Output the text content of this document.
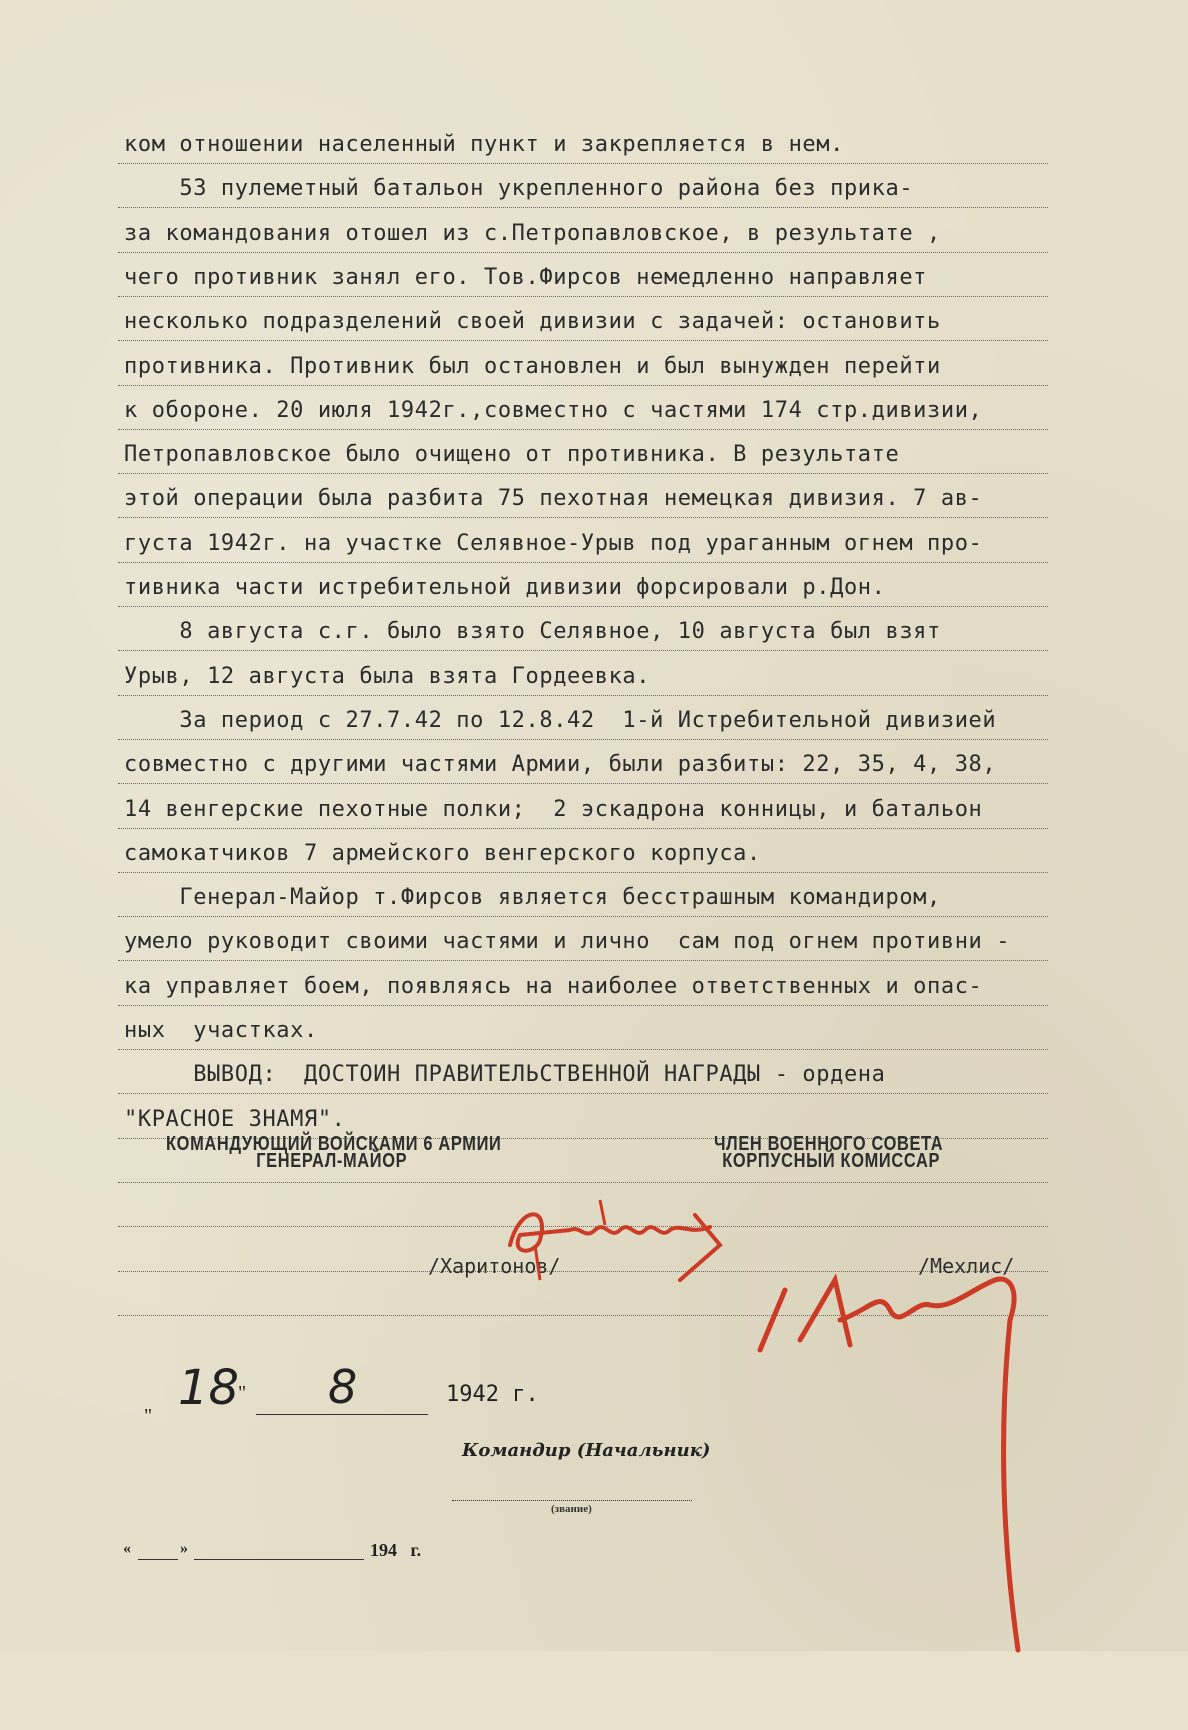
ком отношении населенный пункт и закрепляется в нем.
53 пулеметный батальон укрепленного района без прика-
за командования отошел из с.Петропавловское, в результате ,
чего противник занял его. Тов.Фирсов немедленно направляет
несколько подразделений своей дивизии с задачей: остановить
противника. Противник был остановлен и был вынужден перейти
к обороне. 20 июля 1942г.,совместно с частями 174 стр.дивизии,
Петропавловское было очищено от противника. В результате
этой операции была разбита 75 пехотная немецкая дивизия. 7 ав-
густа 1942г. на участке Селявное-Урыв под ураганным огнем про-
тивника части истребительной дивизии форсировали р.Дон.
8 августа с.г. было взято Селявное, 10 августа был взят
Урыв, 12 августа была взята Гордеевка.
За период с 27.7.42 по 12.8.42  1-й Истребительной дивизией
совместно с другими частями Армии, были разбиты: 22, 35, 4, 38,
14 венгерские пехотные полки;  2 эскадрона конницы, и батальон
самокатчиков 7 армейского венгерского корпуса.
Генерал-Майор т.Фирсов является бесстрашным командиром,
умело руководит своими частями и лично  сам под огнем противни -
ка управляет боем, появляясь на наиболее ответственных и опас-
ных  участках.
ВЫВОД:  ДОСТОИН ПРАВИТЕЛЬСТВЕННОЙ НАГРАДЫ - ордена
"КРАСНОЕ ЗНАМЯ".
КОМАНДУЮЩИЙ ВОЙСКАМИ 6 АРМИИ
ГЕНЕРАЛ-МАЙОР
ЧЛЕН ВОЕННОГО СОВЕТА
КОРПУСНЫЙ КОМИССАР
/Харитонов/	/Мехлис/

"
18
" 8	1942 г.
Командир (Начальник)
(звание)
«	»	194   г.
